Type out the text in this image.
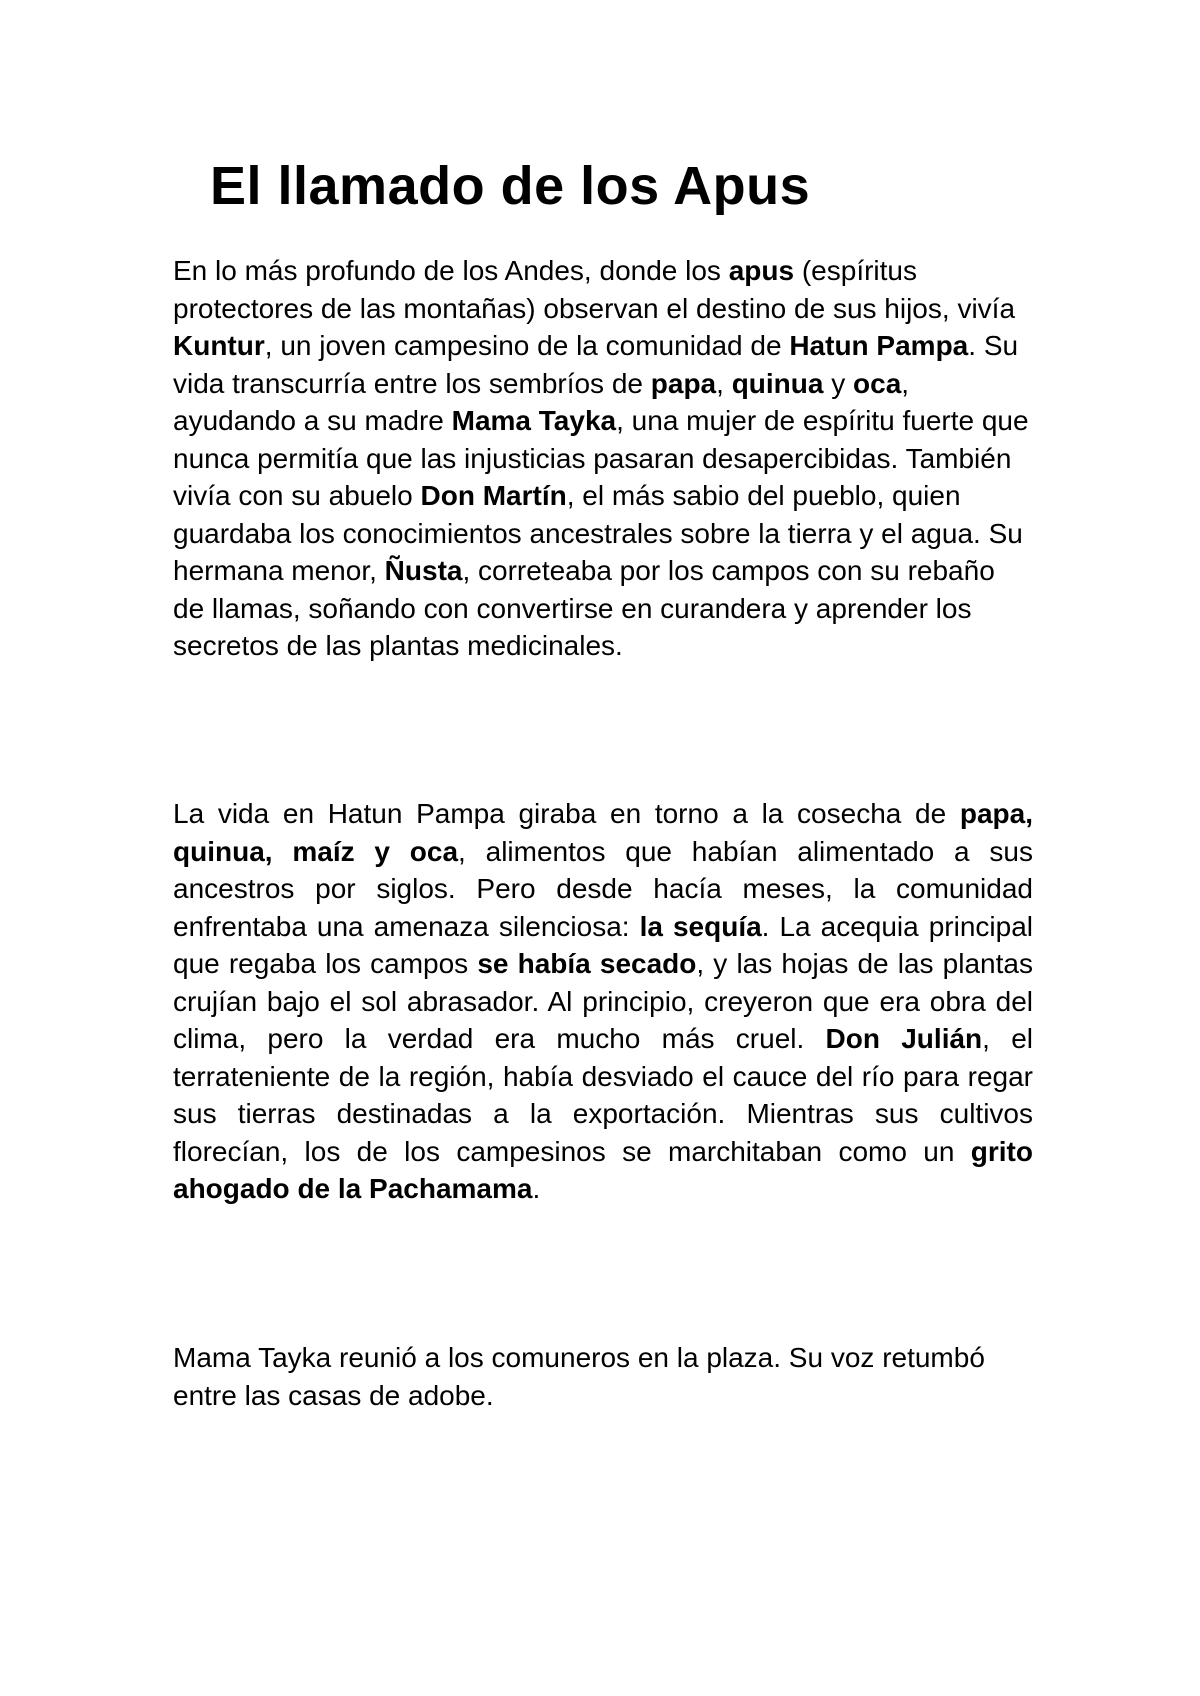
El llamado de los Apus

En lo más profundo de los Andes, donde los apus (espíritus protectores de las montañas) observan el destino de sus hijos, vivía Kuntur, un joven campesino de la comunidad de Hatun Pampa. Su vida transcurría entre los sembríos de papa, quinua y oca, ayudando a su madre Mama Tayka, una mujer de espíritu fuerte que nunca permitía que las injusticias pasaran desapercibidas. También vivía con su abuelo Don Martín, el más sabio del pueblo, quien guardaba los conocimientos ancestrales sobre la tierra y el agua. Su hermana menor, Ñusta, correteaba por los campos con su rebaño de llamas, soñando con convertirse en curandera y aprender los secretos de las plantas medicinales.

La vida en Hatun Pampa giraba en torno a la cosecha de papa, quinua, maíz y oca, alimentos que habían alimentado a sus ancestros por siglos. Pero desde hacía meses, la comunidad enfrentaba una amenaza silenciosa: la sequía. La acequia principal que regaba los campos se había secado, y las hojas de las plantas crujían bajo el sol abrasador. Al principio, creyeron que era obra del clima, pero la verdad era mucho más cruel. Don Julián, el terrateniente de la región, había desviado el cauce del río para regar sus tierras destinadas a la exportación. Mientras sus cultivos florecían, los de los campesinos se marchitaban como un grito ahogado de la Pachamama.

Mama Tayka reunió a los comuneros en la plaza. Su voz retumbó entre las casas de adobe.
